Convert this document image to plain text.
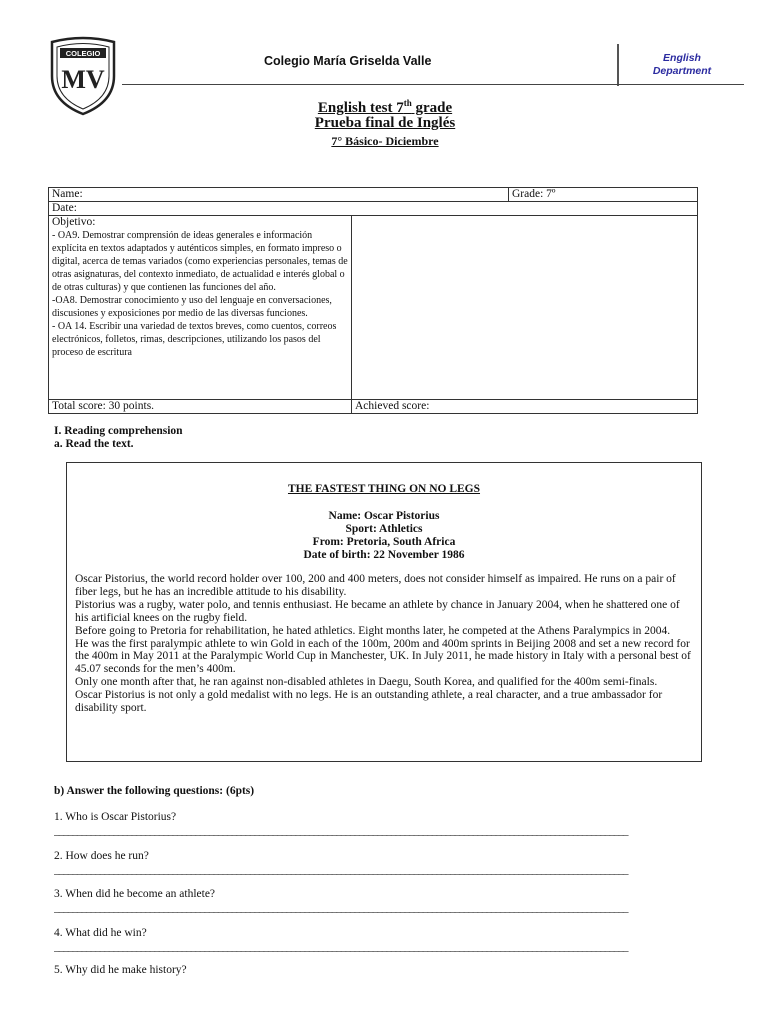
COLEGIO
MV
Colegio María Griselda Valle	English
Department
English test 7th grade
Prueba final de Inglés
7° Básico- Diciembre
Name:		Grade: 7º
Date:		

Objetivo:

- OA9. Demostrar comprensión de ideas generales e información explícita en textos adaptados y auténticos simples, en formato impreso o digital, acerca de temas variados (como experiencias personales, temas de otras asignaturas, del contexto inmediato, de actualidad e interés global o de otras culturas) y que contienen las funciones del año.

-OA8. Demostrar conocimiento y uso del lenguaje en conversaciones, discusiones y exposiciones por medio de las diversas funciones.

- OA 14. Escribir una variedad de textos breves, como cuentos, correos electrónicos, folletos, rimas, descripciones, utilizando los pasos del proceso de escritura		

Total score: 30 points.	Achieved score:	
I. Reading comprehension
a. Read the text.
THE FASTEST THING ON NO LEGS
Name: Oscar Pistorius
Sport: Athletics
From: Pretoria, South Africa
Date of birth: 22 November 1986

Oscar Pistorius, the world record holder over 100, 200 and 400 meters, does not consider himself as impaired. He runs on a pair of fiber legs, but he has an incredible attitude to his disability.

Pistorius was a rugby, water polo, and tennis enthusiast. He became an athlete by chance in January 2004, when he shattered one of his artificial knees on the rugby field.

Before going to Pretoria for rehabilitation, he hated athletics. Eight months later, he competed at the Athens Paralympics in 2004.

He was the first paralympic athlete to win Gold in each of the 100m, 200m and 400m sprints in Beijing 2008 and set a new record for the 400m in May 2011 at the Paralympic World Cup in Manchester, UK. In July 2011, he made history in Italy with a personal best of 45.07 seconds for the men’s 400m.

Only one month after that, he ran against non-disabled athletes in Daegu, South Korea, and qualified for the 400m semi-finals.

Oscar Pistorius is not only a gold medalist with no legs. He is an outstanding athlete, a real character, and a true ambassador for disability sport.

b) Answer the following questions: (6pts)
1. Who is Oscar Pistorius?
______________________________________________________________________________________________________________________________
2. How does he run?
______________________________________________________________________________________________________________________________
3. When did he become an athlete?
______________________________________________________________________________________________________________________________
4. What did he win?
______________________________________________________________________________________________________________________________
5. Why did he make history?
